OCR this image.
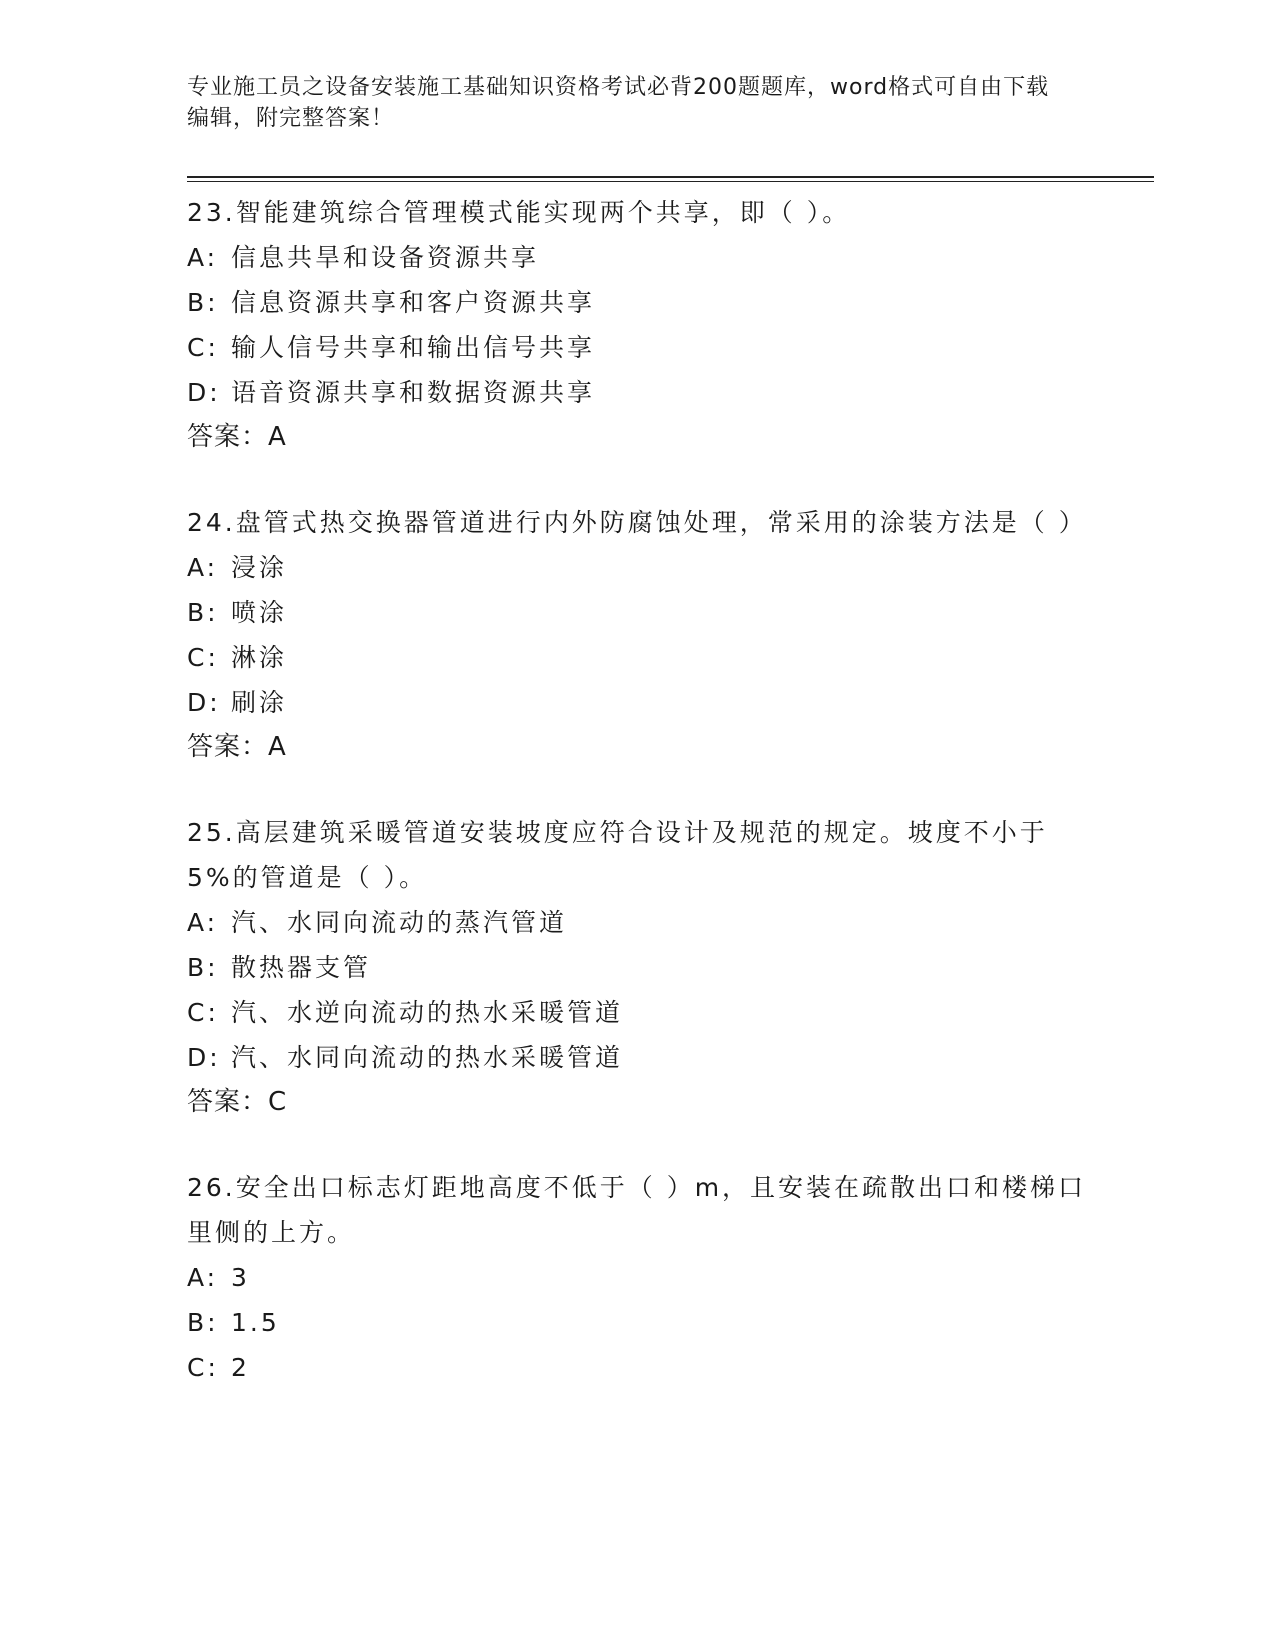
专业施工员之设备安装施工基础知识资格考试必背200题题库，word格式可自由下载编辑，附完整答案！

23.智能建筑综合管理模式能实现两个共享，即（ ）。

A: 信息共旱和设备资源共享

B: 信息资源共享和客户资源共享

C: 输人信号共享和输出信号共享

D: 语音资源共享和数据资源共享

答案：A

24.盘管式热交换器管道进行内外防腐蚀处理，常采用的涂装方法是（ ）

A: 浸涂

B: 喷涂

C: 淋涂

D: 刷涂

答案：A

25.高层建筑采暖管道安装坡度应符合设计及规范的规定。坡度不小于5%的管道是（ ）。

A: 汽、水同向流动的蒸汽管道

B: 散热器支管

C: 汽、水逆向流动的热水采暖管道

D: 汽、水同向流动的热水采暖管道

答案：C

26.安全出口标志灯距地高度不低于（ ）m，且安装在疏散出口和楼梯口里侧的上方。

A: 3

B: 1.5

C: 2
